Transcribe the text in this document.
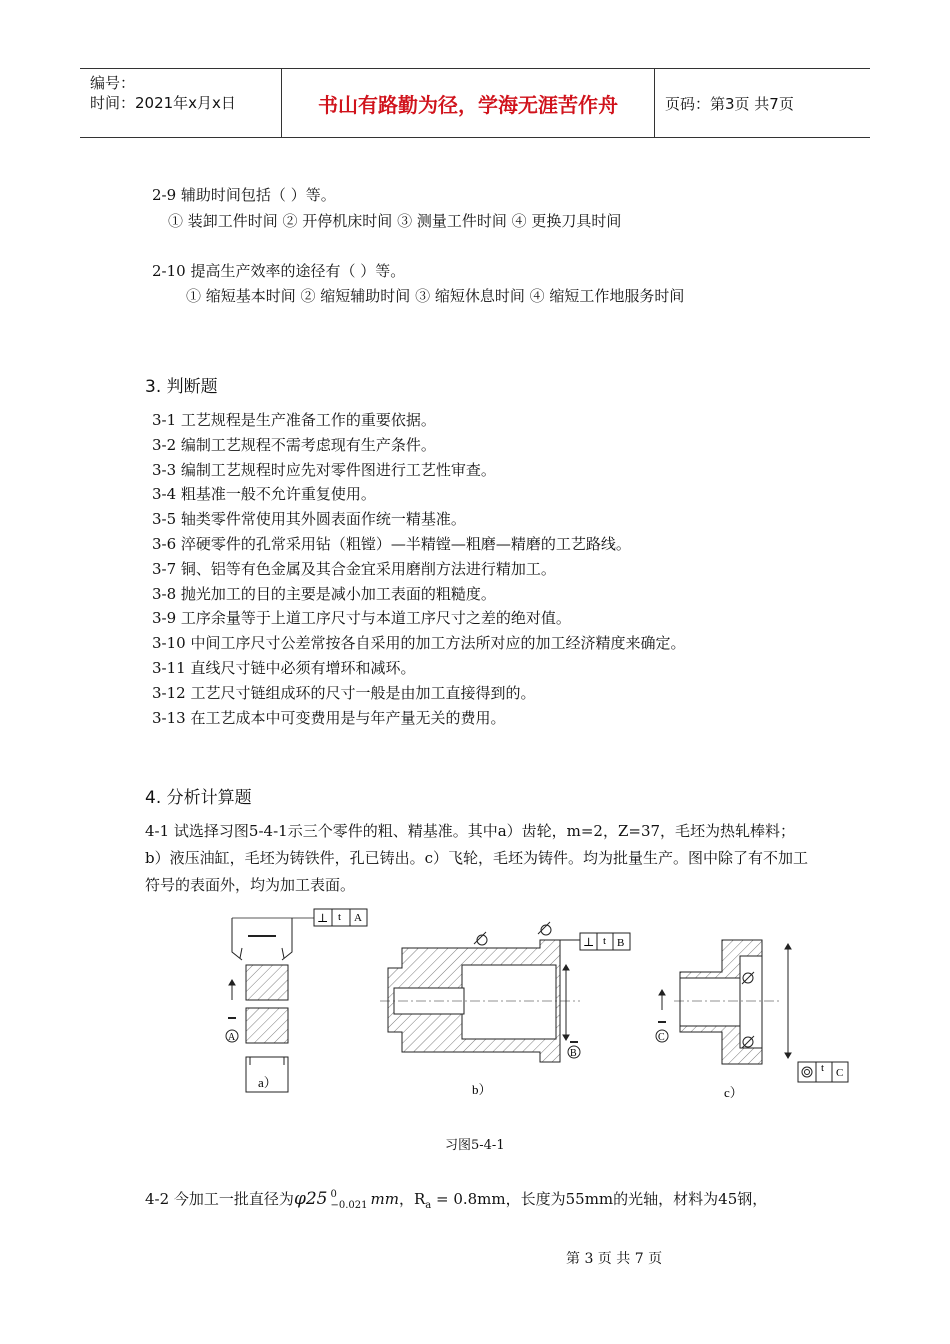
编号：
时间：2021年x月x日	书山有路勤为径，学海无涯苦作舟	页码：第3页 共7页
2-9 辅助时间包括（ ）等。
① 装卸工件时间 ② 开停机床时间 ③ 测量工件时间 ④ 更换刀具时间
2-10 提高生产效率的途径有（ ）等。
① 缩短基本时间 ② 缩短辅助时间 ③ 缩短休息时间 ④ 缩短工作地服务时间
3. 判断题
3-1 工艺规程是生产准备工作的重要依据。
3-2 编制工艺规程不需考虑现有生产条件。
3-3 编制工艺规程时应先对零件图进行工艺性审查。
3-4 粗基准一般不允许重复使用。
3-5 轴类零件常使用其外圆表面作统一精基准。
3-6 淬硬零件的孔常采用钻（粗镗）—半精镗—粗磨—精磨的工艺路线。
3-7 铜、铝等有色金属及其合金宜采用磨削方法进行精加工。
3-8 抛光加工的目的主要是减小加工表面的粗糙度。
3-9 工序余量等于上道工序尺寸与本道工序尺寸之差的绝对值。
3-10 中间工序尺寸公差常按各自采用的加工方法所对应的加工经济精度来确定。
3-11 直线尺寸链中必须有增环和减环。
3-12 工艺尺寸链组成环的尺寸一般是由加工直接得到的。
3-13 在工艺成本中可变费用是与年产量无关的费用。
4. 分析计算题
4-1 试选择习图5-4-1示三个零件的粗、精基准。其中a）齿轮，m=2，Z=37，毛坯为热轧棒料； b）液压油缸，毛坯为铸铁件，孔已铸出。c）飞轮，毛坯为铸件。均为批量生产。图中除了有不加工符号的表面外，均为加工表面。
⊥ t A
A
a）
⊥ t B
B
b）
t C
C
c）
习图5-4-1
4-2 今加工一批直径为φ25 0
−0.021 mm，$R_a = 0.8mm$，长度为55mm的光轴，材料为45钢，
第 3 页 共 7 页
